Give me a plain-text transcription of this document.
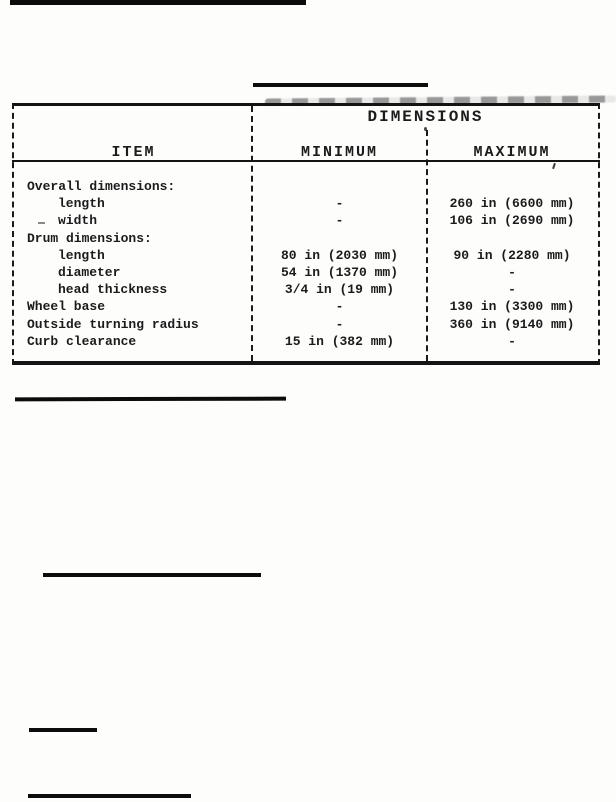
DIMENSIONS
ITEM	MINIMUM	MAXIMUM
Overall dimensions:
length	-	260 in (6600 mm)
width	-	106 in (2690 mm)
Drum dimensions:
length	80 in (2030 mm)	90 in (2280 mm)
diameter	54 in (1370 mm)	-
head thickness	3/4 in (19 mm)	-
Wheel base	-	130 in (3300 mm)
Outside turning radius	-	360 in (9140 mm)
Curb clearance	15 in (382 mm)	-
